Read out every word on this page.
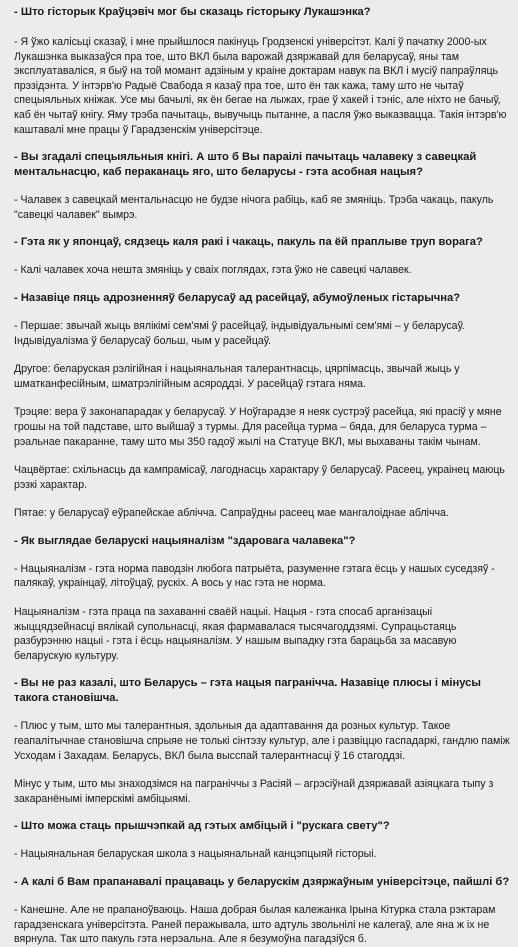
- Што гісторык Краўцэвіч мог бы сказаць гісторыку Лукашэнка?

- Я ўжо калісьці сказаў, і мне прыйшлося пакінуць Гродзенскі універсітэт. Калі ў пачатку 2000-ых Лукашэнка выказаўся пра тое, што ВКЛ была варожай дзяржавай для беларусаў, яны там эксплуатаваліся, я быў на той момант адзіным у краіне доктарам навук па ВКЛ і мусіў папраўляць прэзідэнта. У інтэрв'ю Радыё Свабода я казаў пра тое, што ён так кажа, таму што не чытаў спецыяльных кніжак. Усе мы бачылі, як ён бегае на лыжах, грае ў хакей і тэніс, але ніхто не бачыў, каб ён чытаў кнігу. Яму трэба пачытаць, вывучыць пытанне, а пасля ўжо выказвацца. Такія інтэрв'ю каштавалі мне працы ў Гарадзенскім універсітэце.

- Вы згадалі спецыяльныя кнігі. А што б Вы параілі пачытаць чалавеку з савецкай ментальнасцю, каб пераканаць яго, што беларусы - гэта асобная нацыя?

- Чалавек з савецкай ментальнасцю не будзе нічога рабіць, каб яе змяніць. Трэба чакаць, пакуль "савецкі чалавек" вымрэ.

- Гэта як у японцаў, сядзець каля ракі і чакаць, пакуль па ёй праплыве труп ворага?

- Калі чалавек хоча нешта змяніць у сваіх поглядах, гэта ўжо не савецкі чалавек.

- Назавіце пяць адрозненняў беларусаў ад расейцаў, абумоўленых гістарычна?

- Першае: звычай жыць вялікімі сем'ямі ў расейцаў, індывідуальнымі сем'ямі – у беларусаў. Індывідуалізма ў беларусаў больш, чым у расейцаў.

Другое: беларуская рэлігійная і нацыянальная талерантнасць, цярпімасць, звычай жыць у шматканфесійным, шматрэлігійным асяроддзі. У расейцаў гэтага няма.

Трэцяе: вера ў законапарадак у беларусаў. У Ноўгарадзе я неяк сустрэў расейца, які прасіў у мяне грошы на той падставе, што выйшаў з турмы. Для расейца турма – бяда, для беларуса турма – рэальнае пакаранне, таму што мы 350 гадоў жылі на Статуце ВКЛ, мы выхаваны такім чынам.

Чацвёртае: схільнасць да кампрамісаў, лагоднасць характару ў беларусаў. Расеец, украінец маюць рэзкі характар.

Пятае: у беларусаў еўрапейскае аблічча. Сапраўдны расеец мае мангалоіднае аблічча.

- Як выглядае беларускі нацыяналізм "здаровага чалавека"?

- Нацыяналізм - гэта норма паводзін любога патрыёта, разуменне гэтага ёсць у нашых суседзяў - палякаў, украінцаў, літоўцаў, рускіх. А вось у нас гэта не норма.

Нацыяналізм - гэта праца па захаванні сваёй нацыі. Нацыя - гэта спосаб арганізацыі жыццядзейнасці вялікай супольнасці, якая фармавалася тысячагоддзямі. Супрацьстаяць разбурэнню нацыі - гэта і ёсць нацыяналізм. У нашым выпадку гэта барацьба за масавую беларускую культуру.

- Вы не раз казалі, што Беларусь – гэта нацыя пагранічча. Назавіце плюсы і мінусы такога становішча.

- Плюс у тым, што мы талерантныя, здольныя да адаптавання да розных культур. Такое геапалітычнае становішча спрыяе не толькі сінтэзу культур, але і развіццю гаспадаркі, гандлю паміж Усходам і Захадам. Беларусь, ВКЛ была высспай талерантнасці ў 16 стагоддзі.

Мінус у тым, што мы знаходзімся на паграніччы з Расіяй – агрэсіўнай дзяржавай азіяцкага тыпу з закаранёнымі імперскімі амбіцыямі.

- Што можа стаць прышчэпкай ад гэтых амбіцый і "рускага свету"?

- Нацыянальная беларуская школа з нацыянальнай канцэпцыяй гісторыі.

- А калі б Вам прапанавалі працаваць у беларускім дзяржаўным універсітэце, пайшлі б?

- Канешне. Але не прапаноўваюць. Наша добрая былая калежанка Ірына Кітурка стала рэктарам гарадзенскага універсітэта. Раней перажывала, што адтуль звольнілі не калегаў, але яна ж іх не вярнула. Так што пакуль гэта нерэальна. Але я безумоўна пагадзіўся б.
